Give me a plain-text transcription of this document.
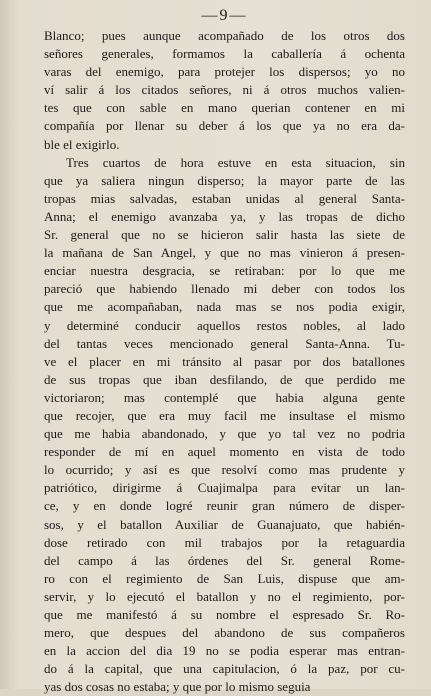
—9—
Blanco; pues aunque acompañado de los otros dos
señores generales, formamos la caballería á ochenta
varas del enemigo, para protejer los dispersos; yo no
ví salir á los citados señores, ni á otros muchos valien-
tes que con sable en mano querian contener en mi
compañía por llenar su deber á los que ya no era da-
ble el exigirlo.
Tres cuartos de hora estuve en esta situacion, sin
que ya saliera ningun disperso; la mayor parte de las
tropas mias salvadas, estaban unidas al general Santa-
Anna; el enemigo avanzaba ya, y las tropas de dicho
Sr. general que no se hicieron salir hasta las siete de
la mañana de San Angel, y que no mas vinieron á presen-
enciar nuestra desgracia, se retiraban: por lo que me
pareció que habiendo llenado mi deber con todos los
que me acompañaban, nada mas se nos podia exigir,
y determiné conducir aquellos restos nobles, al lado
del tantas veces mencionado general Santa-Anna. Tu-
ve el placer en mi tránsito al pasar por dos batallones
de sus tropas que iban desfilando, de que perdido me
victoriaron; mas contemplé que habia alguna gente
que recojer, que era muy facil me insultase el mismo
que me habia abandonado, y que yo tal vez no podria
responder de mí en aquel momento en vista de todo
lo ocurrido; y así es que resolví como mas prudente y
patriótico, dirigirme á Cuajimalpa para evitar un lan-
ce, y en donde logré reunir gran número de disper-
sos, y el batallon Auxiliar de Guanajuato, que habién-
dose retirado con mil trabajos por la retaguardia
del campo á las órdenes del Sr. general Rome-
ro con el regimiento de San Luis, dispuse que am-
servir, y lo ejecutó el batallon y no el regimiento, por-
que me manifestó á su nombre el espresado Sr. Ro-
mero, que despues del abandono de sus compañeros
en la accion del dia 19 no se podia esperar mas entran-
do á la capital, que una capitulacion, ó la paz, por cu-
yas dos cosas no estaba; y que por lo mismo seguia
